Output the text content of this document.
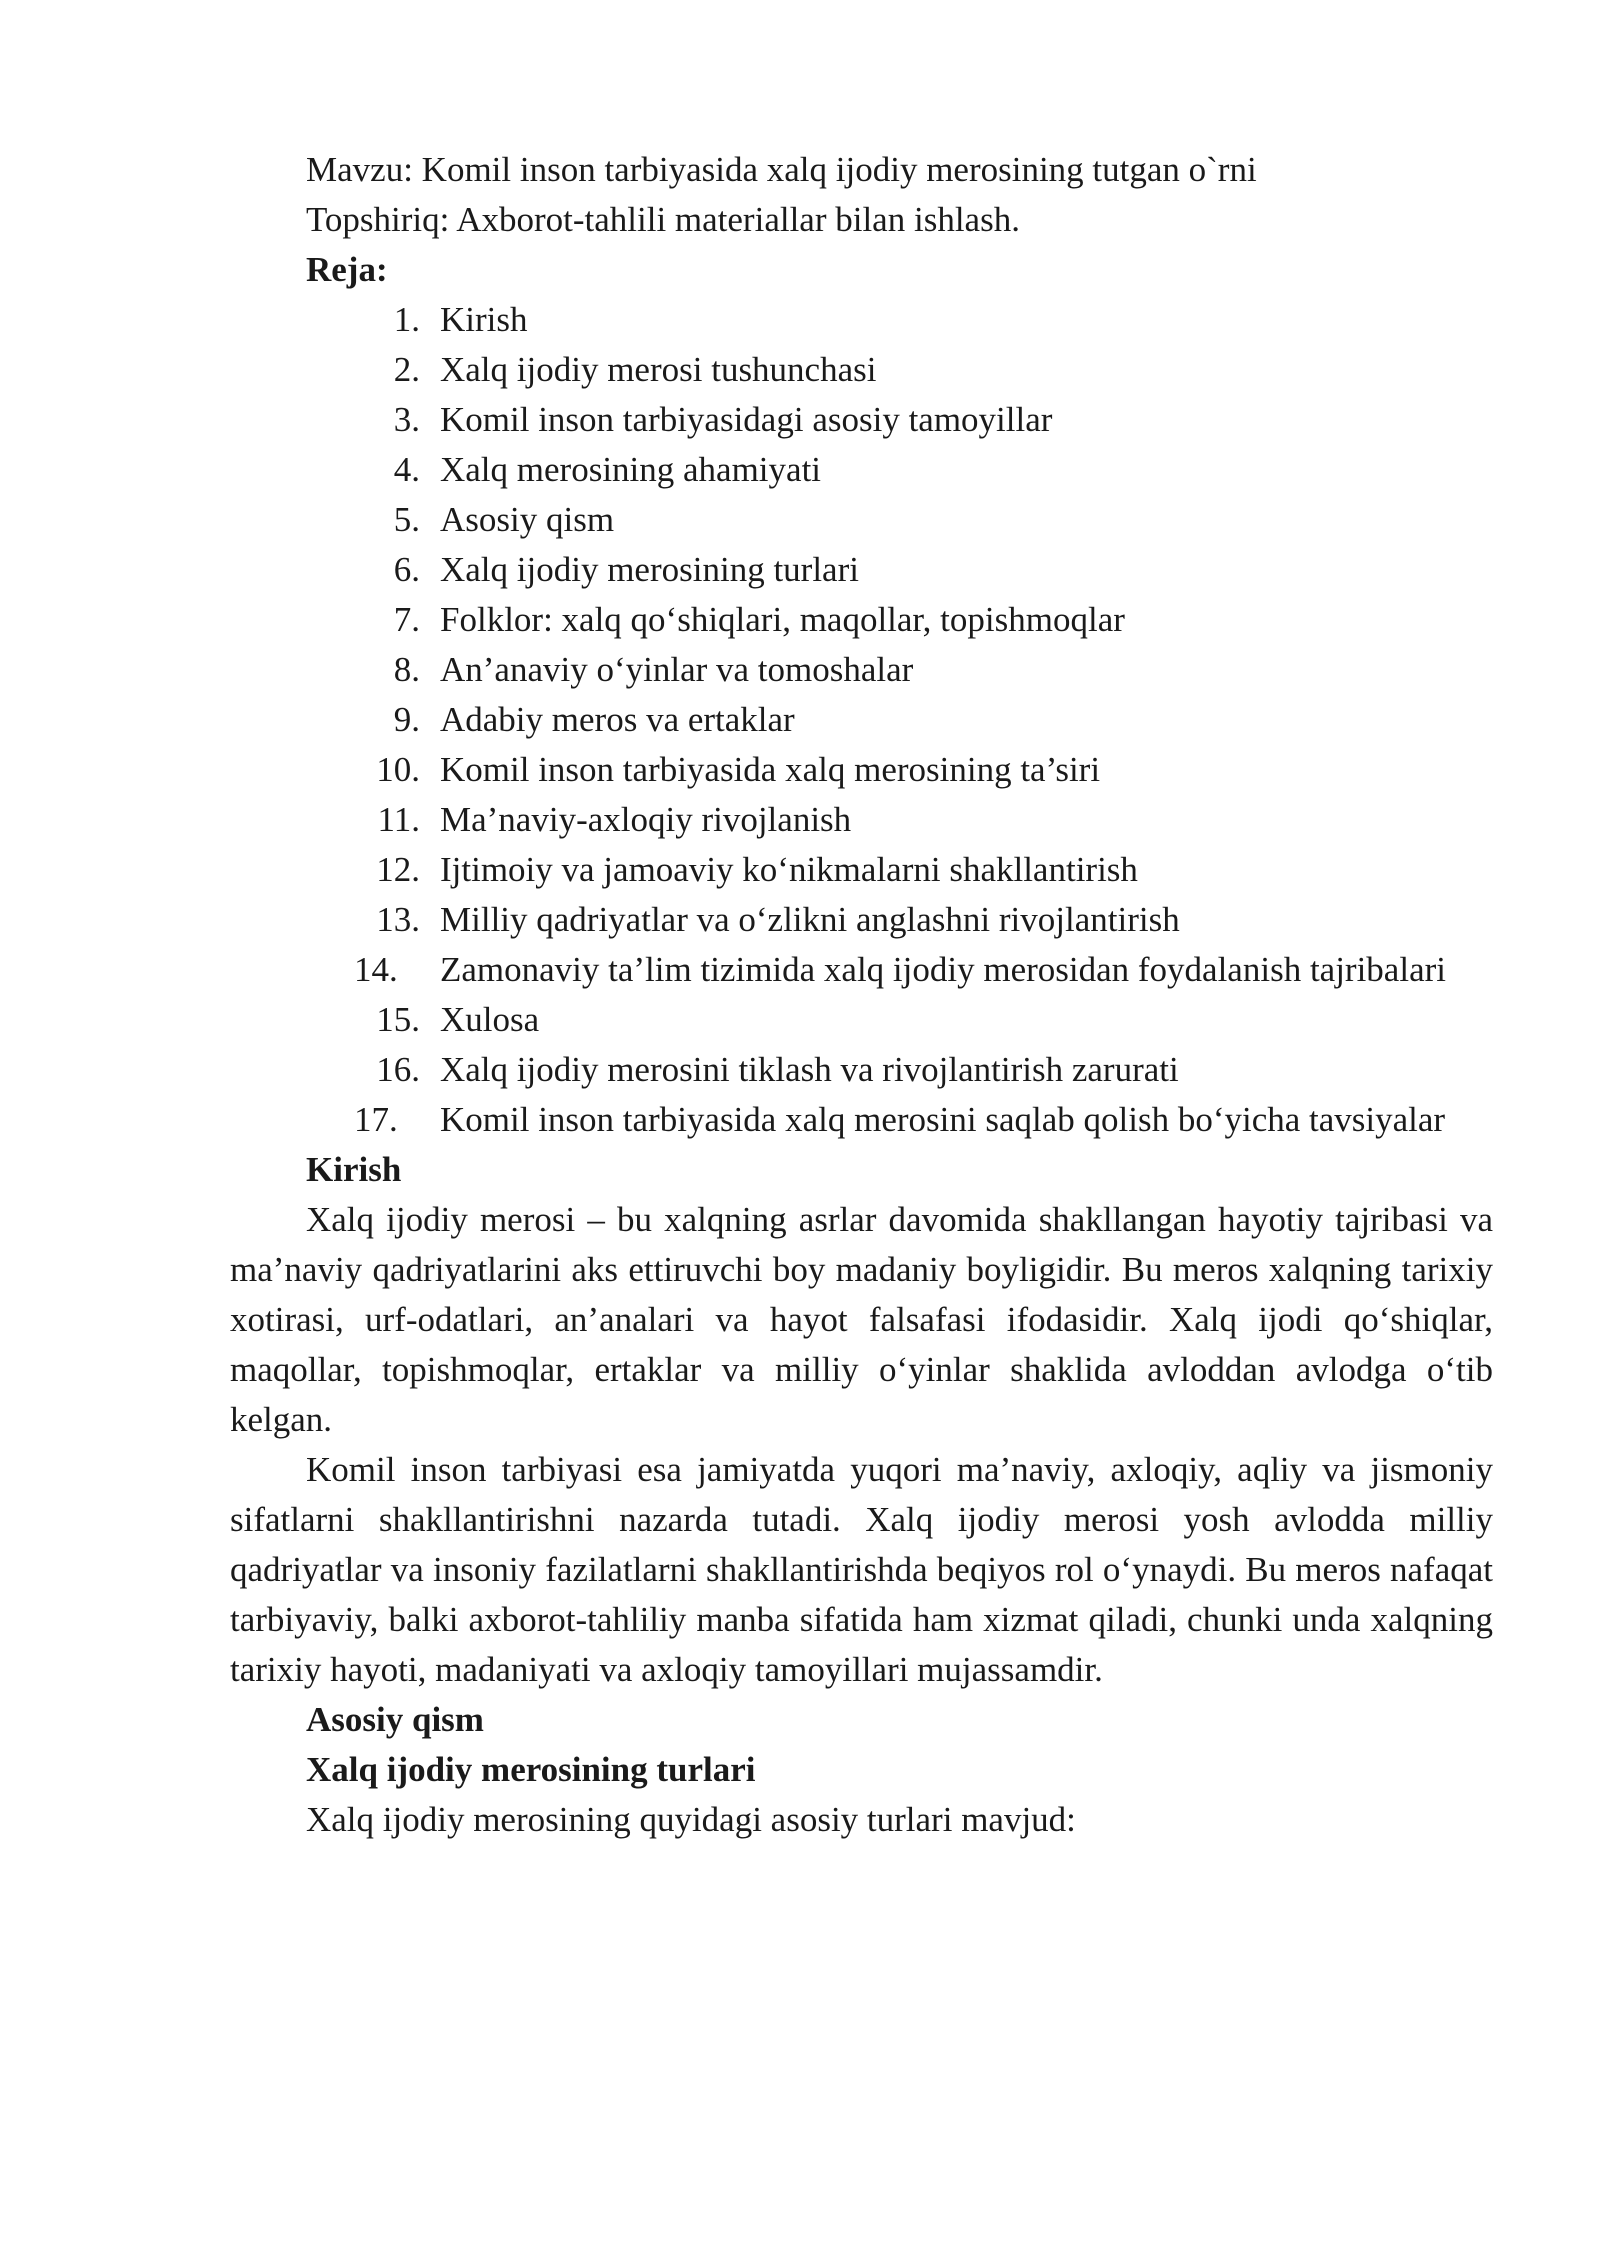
Mavzu: Komil inson tarbiyasida xalq ijodiy merosining tutgan o`rni
Topshiriq: Axborot-tahlili materiallar bilan ishlash.
Reja:
1. Kirish
2. Xalq ijodiy merosi tushunchasi
3. Komil inson tarbiyasidagi asosiy tamoyillar
4. Xalq merosining ahamiyati
5. Asosiy qism
6. Xalq ijodiy merosining turlari
7. Folklor: xalq qo‘shiqlari, maqollar, topishmoqlar
8. An’anaviy o‘yinlar va tomoshalar
9. Adabiy meros va ertaklar
10. Komil inson tarbiyasida xalq merosining ta’siri
11. Ma’naviy-axloqiy rivojlanish
12. Ijtimoiy va jamoaviy ko‘nikmalarni shakllantirish
13. Milliy qadriyatlar va o‘zlikni anglashni rivojlantirish
14. Zamonaviy ta’lim tizimida xalq ijodiy merosidan foydalanish tajribalari
15. Xulosa
16. Xalq ijodiy merosini tiklash va rivojlantirish zarurati
17. Komil inson tarbiyasida xalq merosini saqlab qolish bo‘yicha tavsiyalar
Kirish

Xalq ijodiy merosi – bu xalqning asrlar davomida shakllangan hayotiy tajribasi va ma’naviy qadriyatlarini aks ettiruvchi boy madaniy boyligidir. Bu meros xalqning tarixiy xotirasi, urf-odatlari, an’analari va hayot falsafasi ifodasidir. Xalq ijodi qo‘shiqlar, maqollar, topishmoqlar, ertaklar va milliy o‘yinlar shaklida avloddan avlodga o‘tib kelgan.

Komil inson tarbiyasi esa jamiyatda yuqori ma’naviy, axloqiy, aqliy va jismoniy sifatlarni shakllantirishni nazarda tutadi. Xalq ijodiy merosi yosh avlodda milliy qadriyatlar va insoniy fazilatlarni shakllantirishda beqiyos rol o‘ynaydi. Bu meros nafaqat tarbiyaviy, balki axborot-tahliliy manba sifatida ham xizmat qiladi, chunki unda xalqning tarixiy hayoti, madaniyati va axloqiy tamoyillari mujassamdir.

Asosiy qism
Xalq ijodiy merosining turlari
Xalq ijodiy merosining quyidagi asosiy turlari mavjud:
